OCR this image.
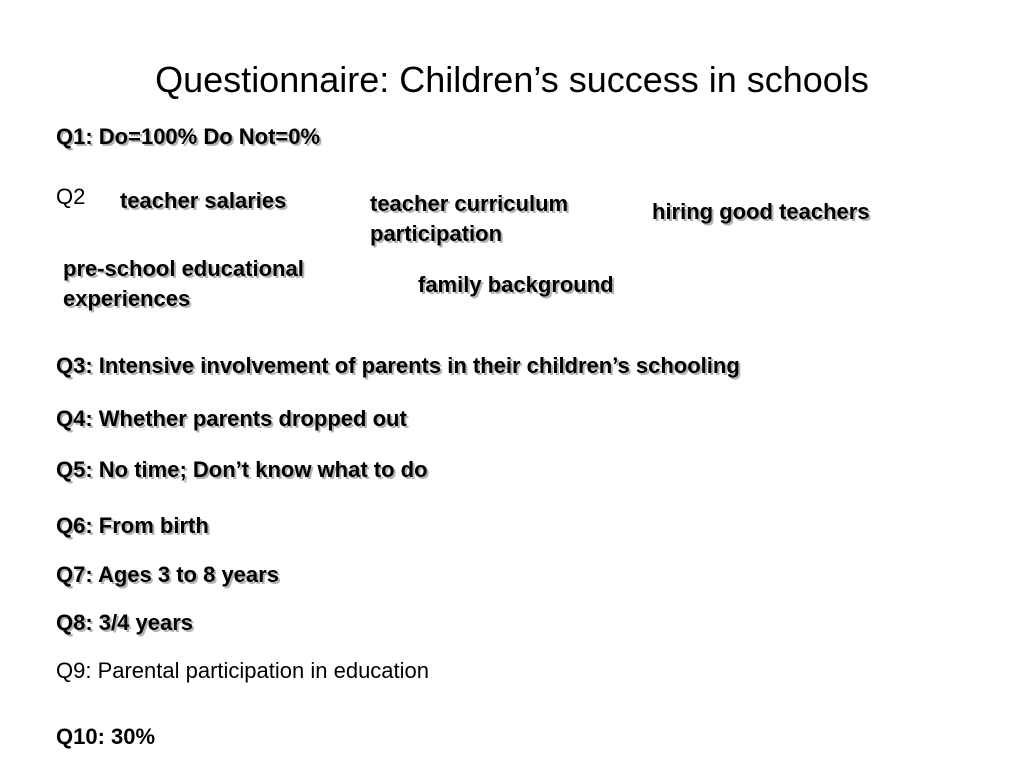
Questionnaire: Children’s success in schools
Q1: Do=100% Do Not=0%
Q2 teacher salaries	teacher curriculum
participation
hiring good teachers
pre-school educational
experiences
family background
Q3: Intensive involvement of parents in their children’s schooling
Q4: Whether parents dropped out
Q5: No time; Don’t know what to do
Q6: From birth
Q7: Ages 3 to 8 years
Q8: 3/4 years
Q9: Parental participation in education
Q10: 30%
